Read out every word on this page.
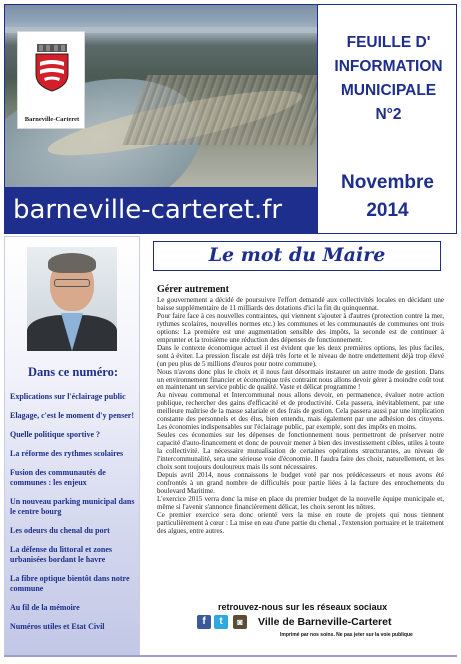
Barneville-Carteret
barneville-carteret.fr
FEUILLE D'
INFORMATION
MUNICIPALE
N°2
Novembre
2014
Dans ce numéro:
Explications sur l'éclairage public
Elagage, c'est le moment d'y penser!
Quelle politique sportive ?
La réforme des rythmes scolaires
Fusion des communautés de communes : les enjeux
Un nouveau parking municipal dans le centre bourg
Les odeurs du chenal du port
La défense du littoral et zones urbanisées bordant le havre
La fibre optique bientôt dans notre commune
Au fil de la mémoire
Numéros utiles et Etat Civil
Le mot du Maire
Gérer autrement

Le gouvernement a décidé de poursuivre l'effort demandé aux collectivités locales en décidant une baisse supplémentaire de 11 milliards des dotations d'ici la fin du quinquennat.

Pour faire face à ces nouvelles contraintes, qui viennent s'ajouter à d'autres (protection contre la mer, rythmes scolaires, nouvelles normes etc.) les communes et les communautés de communes ont trois options: La première est une augmentation sensible des impôts, la seconde est de continuer à emprunter et la troisième une réduction des dépenses de fonctionnement.

Dans le contexte économique actuel il est évident que les deux premières options, les plus faciles, sont à éviter. La pression fiscale est déjà très forte et le niveau de notre endettement déjà trop élevé (un peu plus de 5 millions d'euros pour notre commune).

Nous n'avons donc plus le choix et il nous faut désormais instaurer un autre mode de gestion. Dans un environnement financier et économique très contraint nous allons devoir gérer à moindre coût tout en maintenant un service public de qualité. Vaste et délicat programme !

Au niveau communal et Intercommunal nous allons devoir, en permanence, évaluer notre action publique, rechercher des gains d'efficacité et de productivité. Cela passera, inévitablement, par une meilleure maîtrise de la masse salariale et des frais de gestion. Cela passera aussi par une implication constante des personnels et des élus, bien entendu, mais également par une adhésion des citoyens. Les économies indispensables sur l'éclairage public, par exemple, sont des impôts en moins.

Seules ces économies sur les dépenses de fonctionnement nous permettront de préserver notre capacité d'auto-financement et donc de pouvoir mener à bien des investissement cibles, utiles à toute la collectivité. La nécessaire mutualisation de certaines opérations structurantes, au niveau de l'intercommunalité, sera une sérieuse voie d'économie. Il faudra faire des choix, naturellement, et les choix sont toujours douloureux mais ils sont nécessaires.

Depuis avril 2014, nous connaissons le budget voté par nos prédécesseurs et nous avons été confrontés à un grand nombre de difficultés pour partie liées à la facture des enrochements du boulevard Maritime.

L'exercice 2015 verra donc la mise en place du premier budget de la nouvelle équipe municipale et, même si l'avenir s'annonce financièrement délicat, les choix seront les nôtres.

Ce premier exercice sera donc orienté vers la mise en route de projets qui nous tiennent particulièrement à cœur : La mise en eau d'une partie du chenal , l'extension portuaire et le traitement des algues, entre autres.

retrouvez-nous sur les réseaux sociaux
f	t	◙	Ville de Barneville-Carteret
Imprimé par nos soins. Ne pas jeter sur la voie publique
